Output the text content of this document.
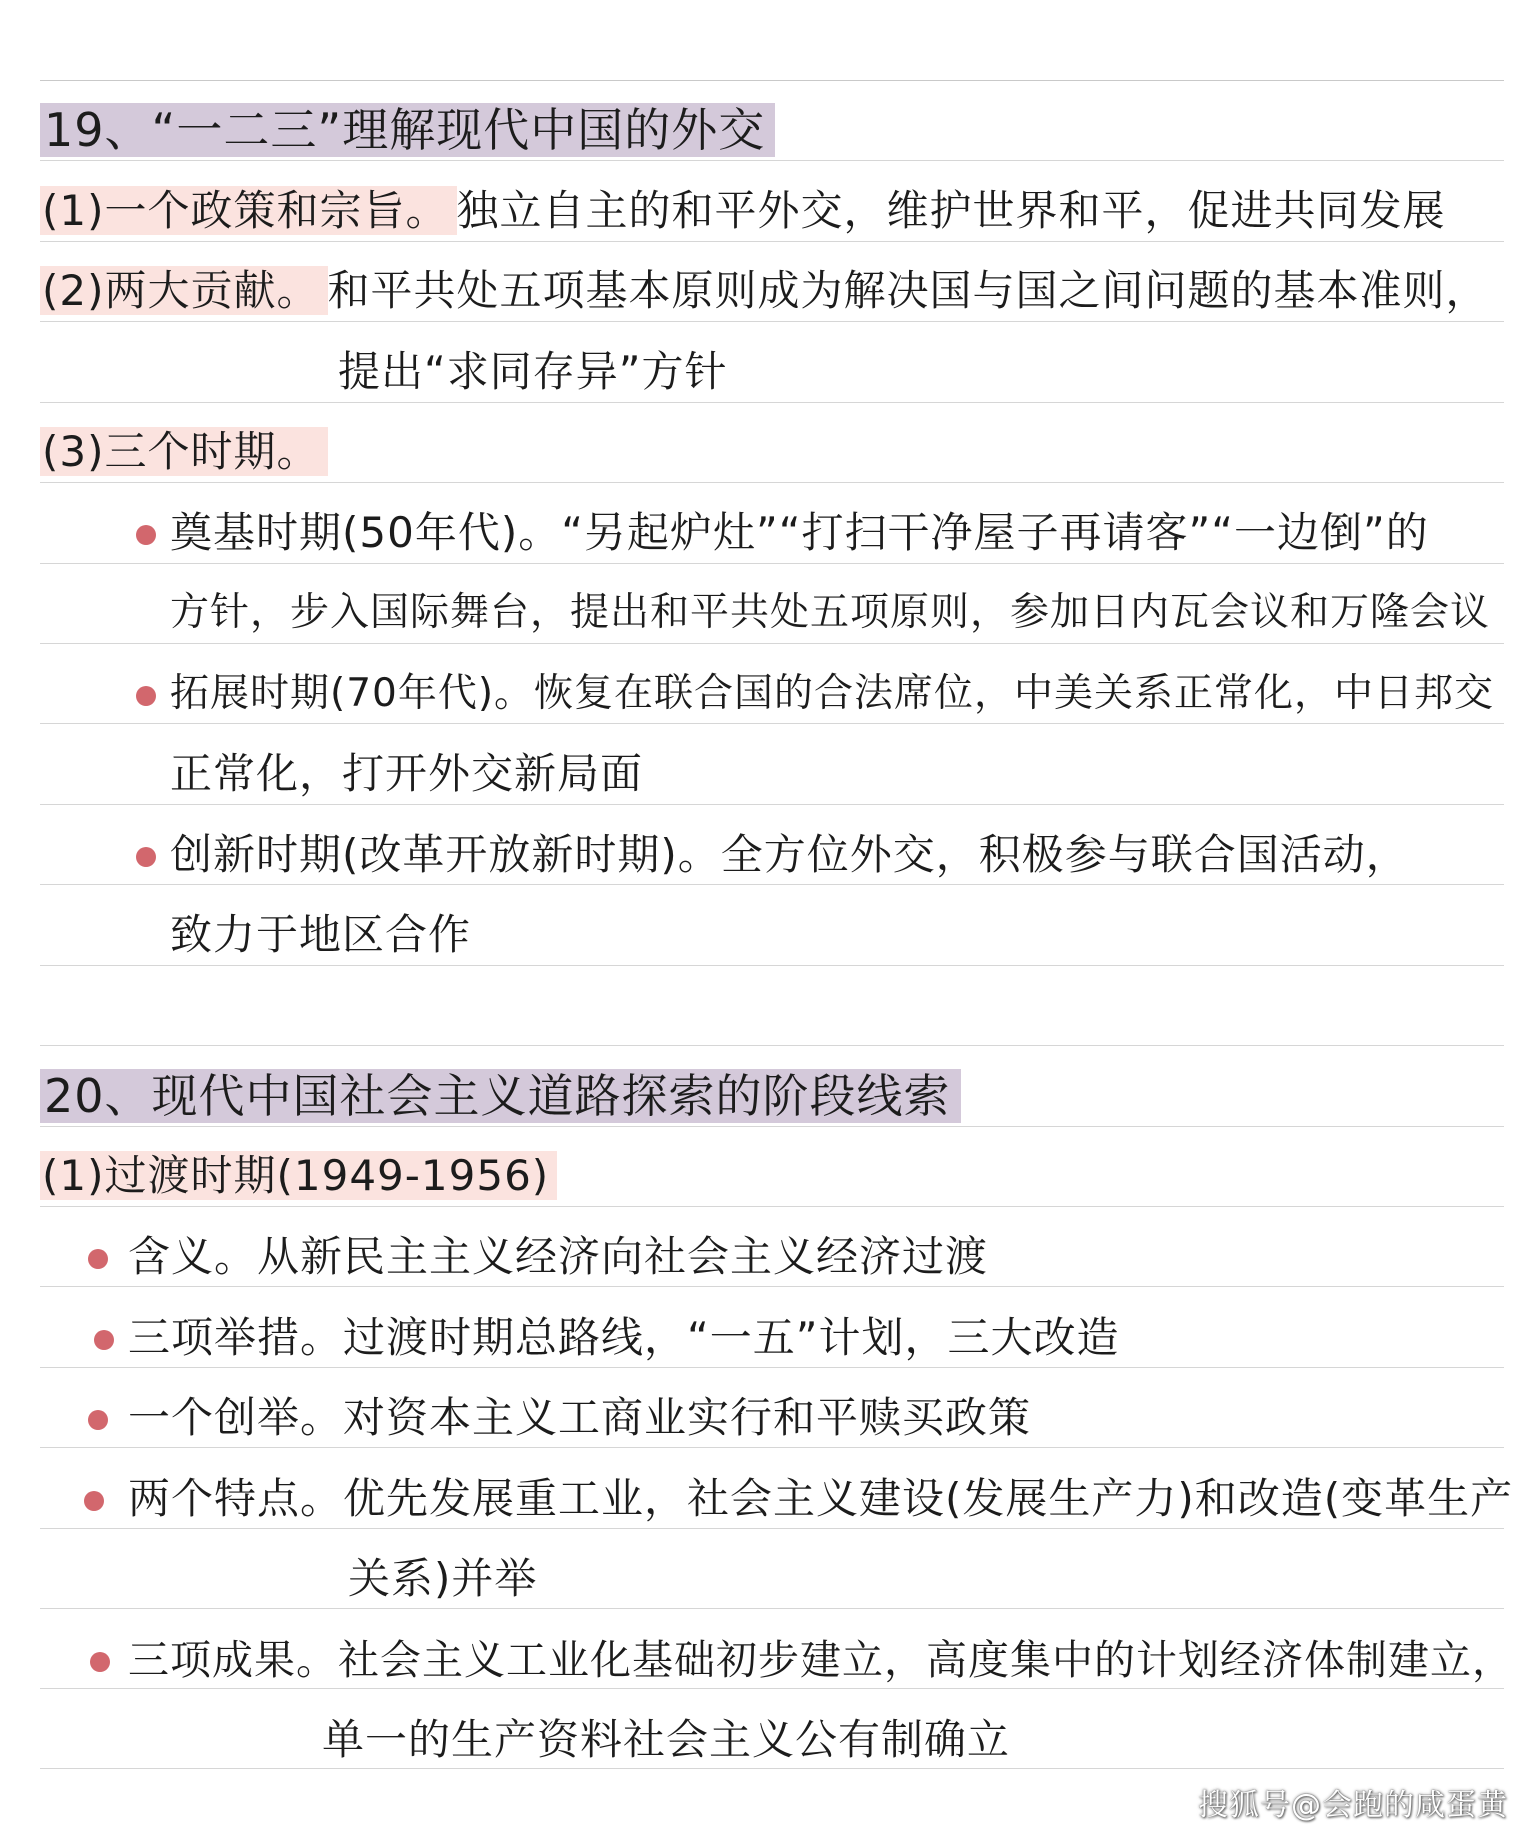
19、“一二三”理解现代中国的外交
(1)一个政策和宗旨。 独立自主的和平外交，维护世界和平，促进共同发展
(2)两大贡献。 和平共处五项基本原则成为解决国与国之间问题的基本准则，
提出“求同存异”方针
(3)三个时期。
奠基时期(50年代)。“另起炉灶”“打扫干净屋子再请客”“一边倒”的
方针，步入国际舞台，提出和平共处五项原则，参加日内瓦会议和万隆会议
拓展时期(70年代)。恢复在联合国的合法席位，中美关系正常化，中日邦交
正常化，打开外交新局面
创新时期(改革开放新时期)。全方位外交，积极参与联合国活动，
致力于地区合作
20、现代中国社会主义道路探索的阶段线索
(1)过渡时期(1949-1956)
含义。从新民主主义经济向社会主义经济过渡
三项举措。过渡时期总路线，“一五”计划，三大改造
一个创举。对资本主义工商业实行和平赎买政策
两个特点。优先发展重工业，社会主义建设(发展生产力)和改造(变革生产
关系)并举
三项成果。社会主义工业化基础初步建立，高度集中的计划经济体制建立，
单一的生产资料社会主义公有制确立
搜狐号@会跑的咸蛋黄
